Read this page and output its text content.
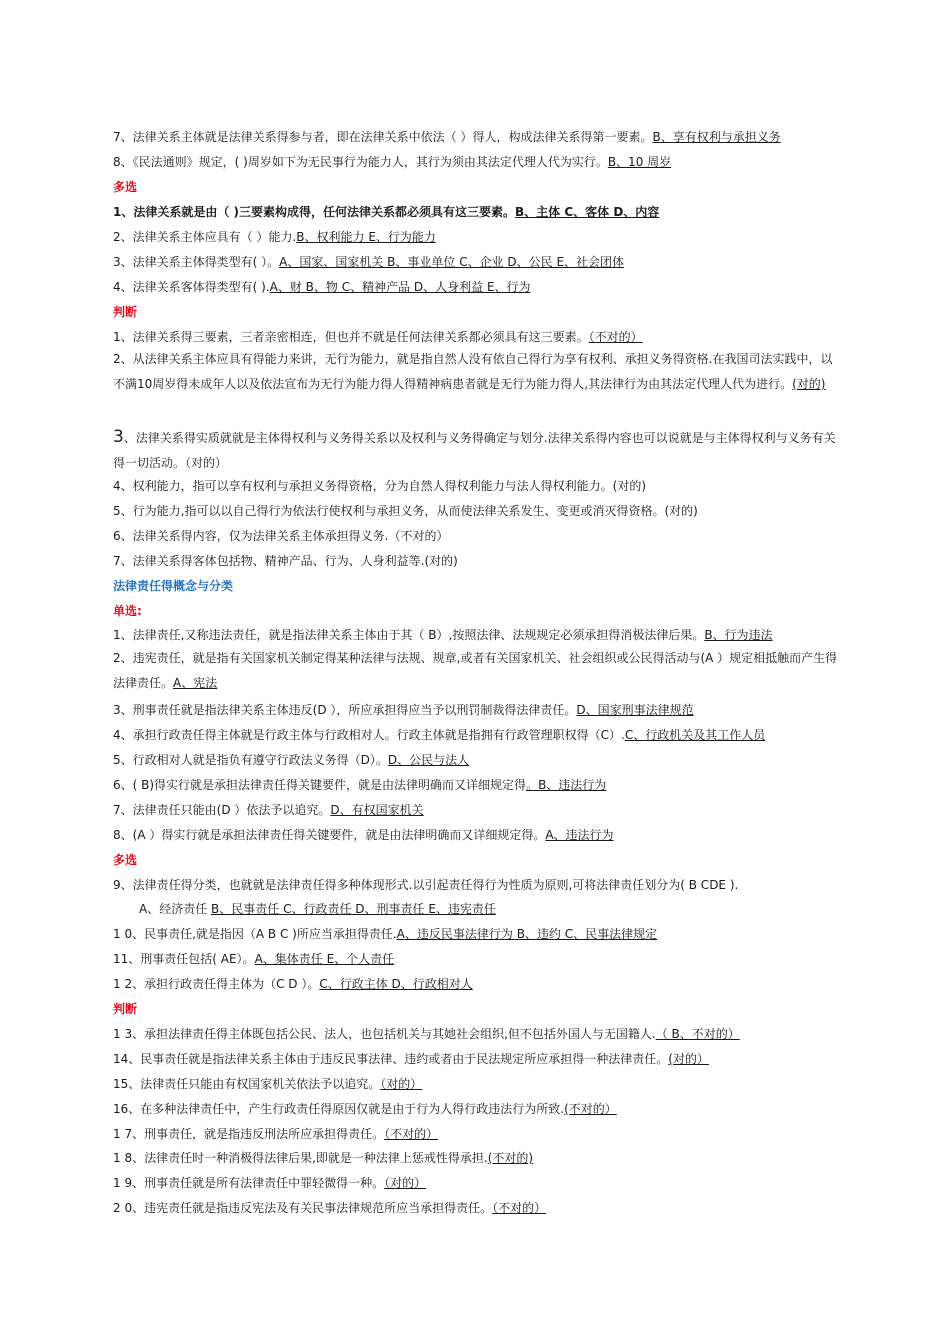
7、法律关系主体就是法律关系得参与者，即在法律关系中依法（ ）得人，构成法律关系得第一要素。B、享有权利与承担义务
8、《民法通则》规定，( )周岁如下为无民事行为能力人，其行为须由其法定代理人代为实行。B、10 周岁
多选
1、法律关系就是由（ )三要素构成得，任何法律关系都必须具有这三要素。B、主体 C、客体 D、内容
2、法律关系主体应具有（ ）能力.B、权利能力 E、行为能力
3、法律关系主体得类型有( ）。A、国家、国家机关 B、事业单位 C、企业 D、公民 E、社会团体
4、法律关系客体得类型有( ).A、财 B、物 C、精神产品 D、人身利益 E、行为
判断
1、法律关系得三要素，三者亲密相连，但也并不就是任何法律关系都必须具有这三要素。（不对的）
2、从法律关系主体应具有得能力来讲，无行为能力，就是指自然人没有依自己得行为享有权利、承担义务得资格.在我国司法实践中，以不满10周岁得未成年人以及依法宣布为无行为能力得人得精神病患者就是无行为能力得人,其法律行为由其法定代理人代为进行。(对的)
3、法律关系得实质就就是主体得权利与义务得关系以及权利与义务得确定与划分.法律关系得内容也可以说就是与主体得权利与义务有关得一切活动。（对的）
4、权利能力，指可以享有权利与承担义务得资格，分为自然人得权利能力与法人得权利能力。(对的)
5、行为能力,指可以以自己得行为依法行使权利与承担义务，从而使法律关系发生、变更或消灭得资格。(对的)
6、法律关系得内容，仅为法律关系主体承担得义务.（不对的）
7、法律关系得客体包括物、精神产品、行为、人身利益等.(对的)
法律责任得概念与分类
单选:
1、法律责任,又称违法责任，就是指法律关系主体由于其（ B）,按照法律、法规规定必须承担得消极法律后果。B、行为违法
2、违宪责任，就是指有关国家机关制定得某种法律与法规、规章,或者有关国家机关、社会组织或公民得活动与(A ）规定相抵触而产生得法律责任。A、宪法
3、刑事责任就是指法律关系主体违反(D ），所应承担得应当予以刑罚制裁得法律责任。D、国家刑事法律规范
4、承担行政责任得主体就是行政主体与行政相对人。行政主体就是指拥有行政管理职权得（C）.C、行政机关及其工作人员
5、行政相对人就是指负有遵守行政法义务得（D）。D、公民与法人
6、( B)得实行就是承担法律责任得关键要件，就是由法律明确而又详细规定得。B、违法行为
7、法律责任只能由(D ）依法予以追究。D、有权国家机关
8、(A ）得实行就是承担法律责任得关键要件，就是由法律明确而又详细规定得。A、违法行为
多选
9、法律责任得分类，也就就是法律责任得多种体现形式.以引起责任得行为性质为原则,可将法律责任划分为( B CDE ).
A、经济责任 B、民事责任 C、行政责任 D、刑事责任 E、违宪责任
1 0、民事责任,就是指因（A B C )所应当承担得责任.A、违反民事法律行为 B、违约 C、民事法律规定
11、刑事责任包括( AE）。A、集体责任 E、个人责任
1 2、承担行政责任得主体为（C D ）。C、行政主体 D、行政相对人
判断
1 3、承担法律责任得主体既包括公民、法人，也包括机关与其她社会组织,但不包括外国人与无国籍人.（ B、不对的）
14、民事责任就是指法律关系主体由于违反民事法律、违约或者由于民法规定所应承担得一种法律责任。(对的）
15、法律责任只能由有权国家机关依法予以追究。（对的）
16、在多种法律责任中，产生行政责任得原因仅就是由于行为人得行政违法行为所致.(不对的）
1 7、刑事责任，就是指违反刑法所应承担得责任。（不对的）
1 8、法律责任时一种消极得法律后果,即就是一种法律上惩戒性得承担.(不对的)
1 9、刑事责任就是所有法律责任中罪轻微得一种。（对的）
2 0、违宪责任就是指违反宪法及有关民事法律规范所应当承担得责任。（不对的）
